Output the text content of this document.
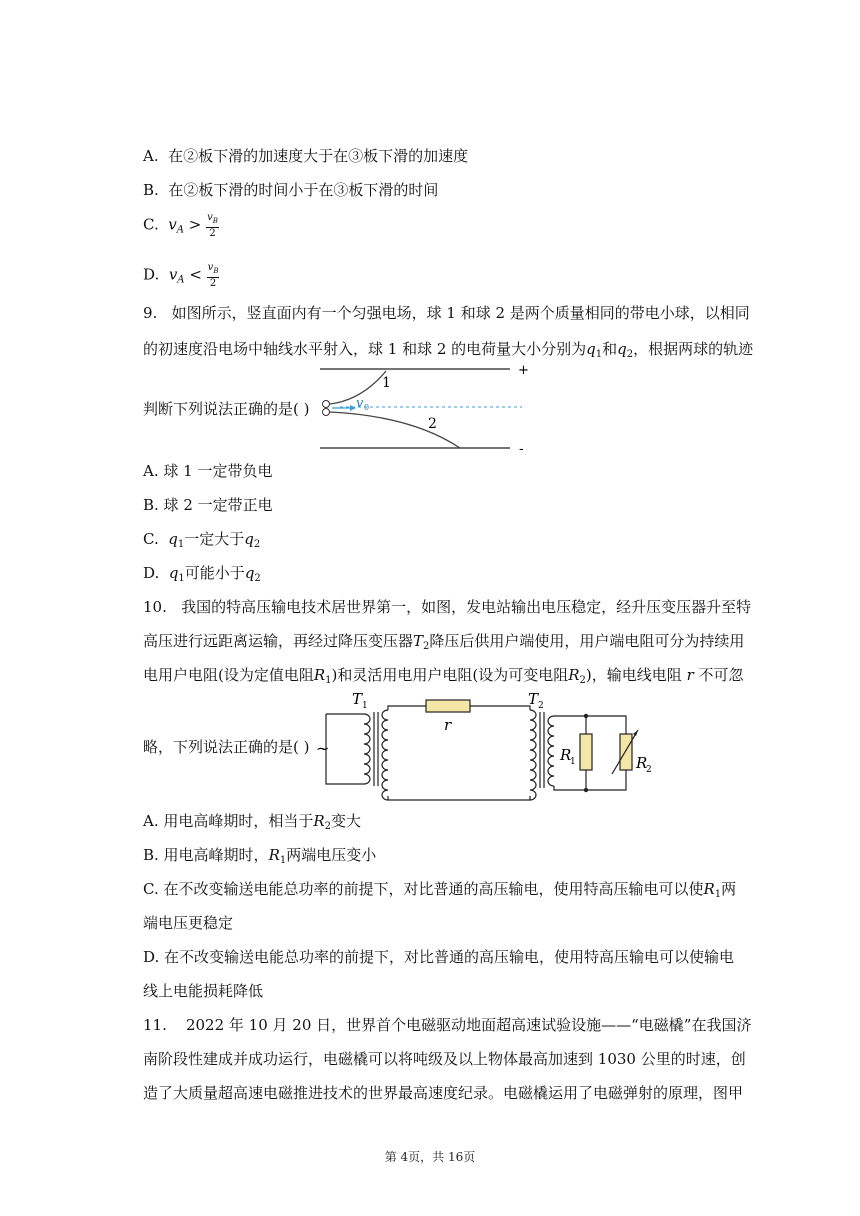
A. 在②板下滑的加速度大于在③板下滑的加速度
B. 在②板下滑的时间小于在③板下滑的时间
C. $v_A > \frac{v_B}{2}$
D. $v_A < \frac{v_B}{2}$
9. 如图所示，竖直面内有一个匀强电场，球 1 和球 2 是两个质量相同的带电小球，以相同
的初速度沿电场中轴线水平射入，球 1 和球 2 的电荷量大小分别为$q_1$和$q_2$，根据两球的轨迹
判断下列说法正确的是( )
+
-
1
2
v 0
A. 球 1 一定带负电
B. 球 2 一定带正电
C. $q_1$一定大于$q_2$
D. $q_1$可能小于$q_2$
10. 我国的特高压输电技术居世界第一，如图，发电站输出电压稳定，经升压变压器升至特
高压进行远距离运输，再经过降压变压器$T_2$降压后供用户端使用，用户端电阻可分为持续用
电用户电阻(设为定值电阻$R_1$)和灵活用电用户电阻(设为可变电阻$R_2$)，输电线电阻 r 不可忽
略，下列说法正确的是( ) ~
T 1	T 2
r
R
1	R
2
A. 用电高峰期时，相当于$R_2$变大
B. 用电高峰期时，$R_1$两端电压变小
C. 在不改变输送电能总功率的前提下，对比普通的高压输电，使用特高压输电可以使$R_1$两
端电压更稳定
D. 在不改变输送电能总功率的前提下，对比普通的高压输电，使用特高压输电可以使输电
线上电能损耗降低
11. 2022 年 10 月 20 日，世界首个电磁驱动地面超高速试验设施——“电磁橇”在我国济
南阶段性建成并成功运行，电磁橇可以将吨级及以上物体最高加速到 1030 公里的时速，创
造了大质量超高速电磁推进技术的世界最高速度纪录。电磁橇运用了电磁弹射的原理，图甲
第 4页，共 16页
